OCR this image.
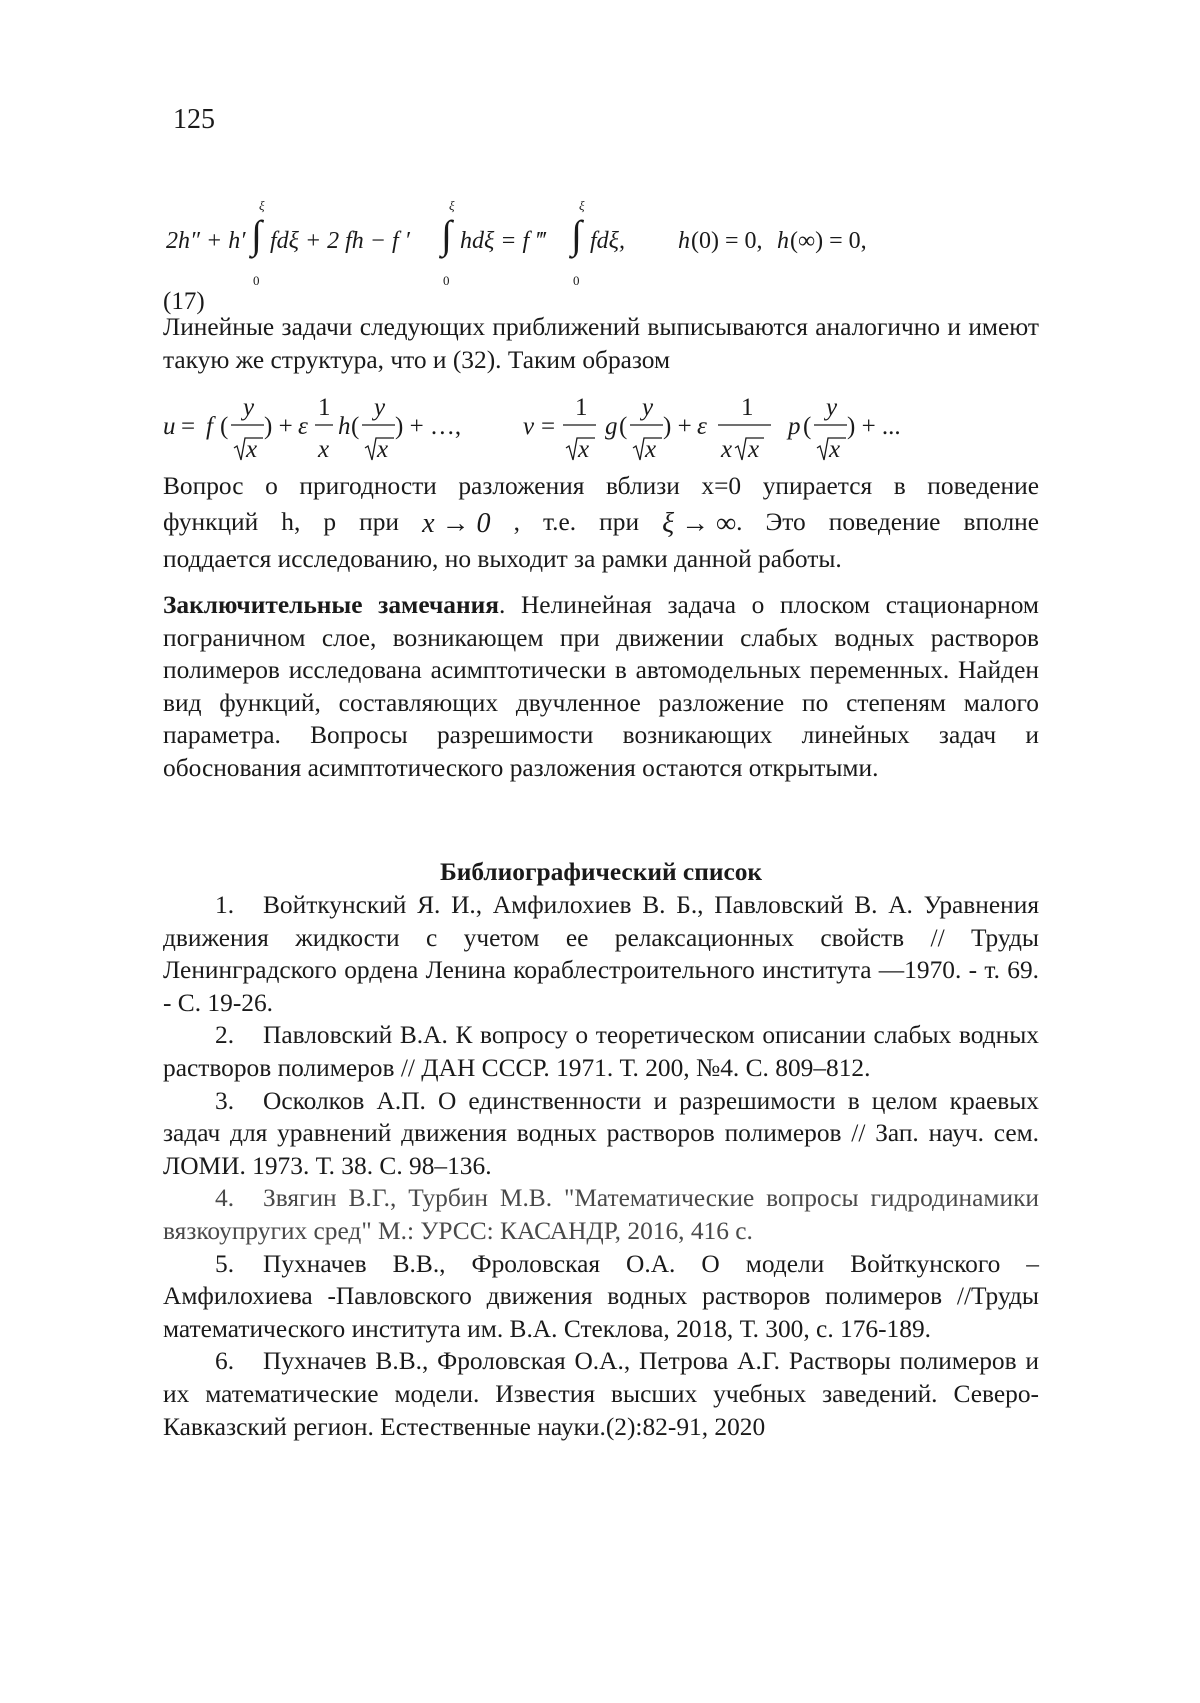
125
2h″ + h′ ∫ fdξ + 2 fh − f ′ ∫ hdξ = f ‴ ∫ fdξ, h (0) = 0, h (∞) = 0,
ξ	ξ	ξ
0	0	0
(17)
Линейные задачи следующих приближений выписываются аналогично и имеют такую же структура, что и (32). Таким образом
u = f (
y
x
) + ε
1
x
h (
y
x
) + …, v =
1
x
g (
y
x
) + ε
1
x x
p (
y
x
) + ...

Вопрос о пригодности разложения вблизи x=0 упирается в поведение

функций h, p при x → 0 , т.е. при ξ → ∞. Это поведение вполне

поддается исследованию, но выходит за рамки данной работы.

Заключительные замечания. Нелинейная задача о плоском стационарном пограничном слое, возникающем при движении слабых водных растворов полимеров исследована асимптотически в автомодельных переменных. Найден вид функций, составляющих двучленное разложение по степеням малого параметра. Вопросы разрешимости возникающих линейных задач и обоснования асимптотического разложения остаются открытыми.

Библиографический список

1. Войткунский Я. И., Амфилохиев В. Б., Павловский В. А. Уравнения движения жидкости с учетом ее релаксационных свойств // Труды Ленинградского ордена Ленина кораблестроительного института —1970. - т. 69. - С. 19-26.

2. Павловский В.А. К вопросу о теоретическом описании слабых водных растворов полимеров // ДАН СССР. 1971. Т. 200, №4. С. 809–812.

3. Осколков А.П. О единственности и разрешимости в целом краевых задач для уравнений движения водных растворов полимеров // Зап. науч. сем. ЛОМИ. 1973. Т. 38. С. 98–136.

4. Звягин В.Г., Турбин М.В. "Математические вопросы гидродинамики вязкоупругих сред" М.: УРСС: КАСАНДР, 2016, 416 с.

5. Пухначев В.В., Фроловская О.А. О модели Войткунского – Амфилохиева -Павловского движения водных растворов полимеров //Труды математического института им. В.А. Стеклова, 2018, Т. 300, с. 176-189.

6. Пухначев В.В., Фроловская О.А., Петрова А.Г. Растворы полимеров и их математические модели. Известия высших учебных заведений. Северо-Кавказский регион. Естественные науки.(2):82-91, 2020
